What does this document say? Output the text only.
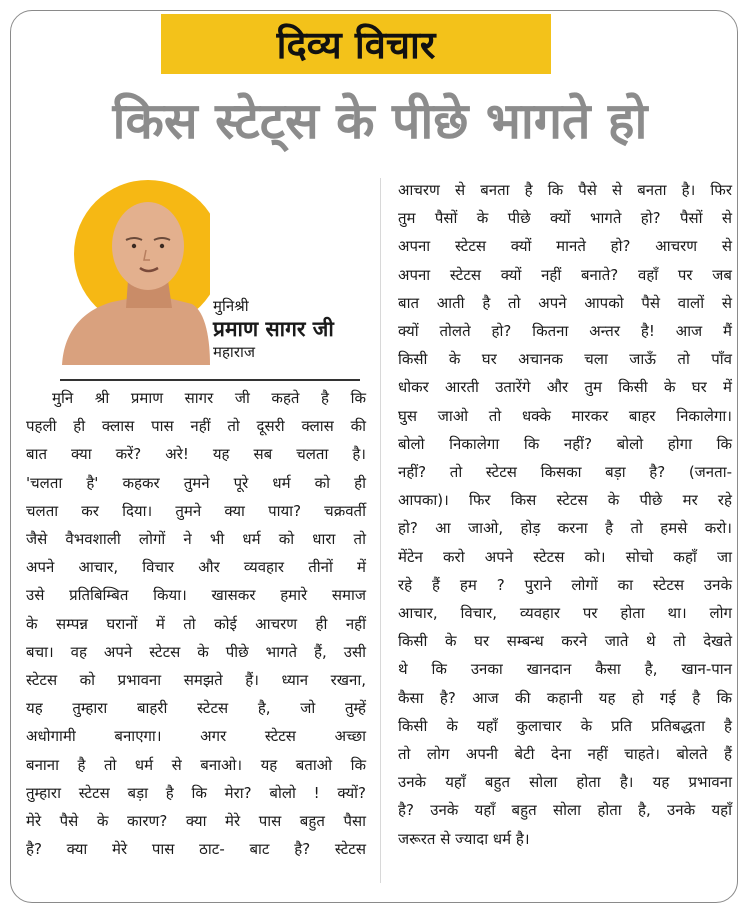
दिव्य विचार
किस स्टेट्स के पीछे भागते हो
मुनिश्री
प्रमाण सागर जी
महाराज
मुनि श्री प्रमाण सागर जी कहते है कि
पहली ही क्लास पास नहीं तो दूसरी क्लास की
बात क्या करें? अरे! यह सब चलता है।
'चलता है' कहकर तुमने पूरे धर्म को ही
चलता कर दिया। तुमने क्या पाया? चक्रवर्ती
जैसे वैभवशाली लोगों ने भी धर्म को धारा तो
अपने आचार, विचार और व्यवहार तीनों में
उसे प्रतिबिम्बित किया। खासकर हमारे समाज
के सम्पन्न घरानों में तो कोई आचरण ही नहीं
बचा। वह अपने स्टेटस के पीछे भागते हैं, उसी
स्टेटस को प्रभावना समझते हैं। ध्यान रखना,
यह तुम्हारा बाहरी स्टेटस है, जो तुम्हें
अधोगामी बनाएगा। अगर स्टेटस अच्छा
बनाना है तो धर्म से बनाओ। यह बताओ कि
तुम्हारा स्टेटस बड़ा है कि मेरा? बोलो ! क्यों?
मेरे पैसे के कारण? क्या मेरे पास बहुत पैसा
है? क्या मेरे पास ठाट- बाट है? स्टेटस
आचरण से बनता है कि पैसे से बनता है। फिर
तुम पैसों के पीछे क्यों भागते हो? पैसों से
अपना स्टेटस क्यों मानते हो? आचरण से
अपना स्टेटस क्यों नहीं बनाते? वहाँ पर जब
बात आती है तो अपने आपको पैसे वालों से
क्यों तोलते हो? कितना अन्तर है! आज मैं
किसी के घर अचानक चला जाऊँ तो पाँव
धोकर आरती उतारेंगे और तुम किसी के घर में
घुस जाओ तो धक्के मारकर बाहर निकालेगा।
बोलो निकालेगा कि नहीं? बोलो होगा कि
नहीं? तो स्टेटस किसका बड़ा है? (जनता-
आपका)। फिर किस स्टेटस के पीछे मर रहे
हो? आ जाओ, होड़ करना है तो हमसे करो।
मेंटेन करो अपने स्टेटस को। सोचो कहाँ जा
रहे हैं हम ? पुराने लोगों का स्टेटस उनके
आचार, विचार, व्यवहार पर होता था। लोग
किसी के घर सम्बन्ध करने जाते थे तो देखते
थे कि उनका खानदान कैसा है, खान-पान
कैसा है? आज की कहानी यह हो गई है कि
किसी के यहाँ कुलाचार के प्रति प्रतिबद्धता है
तो लोग अपनी बेटी देना नहीं चाहते। बोलते हैं
उनके यहाँ बहुत सोला होता है। यह प्रभावना
है? उनके यहाँ बहुत सोला होता है, उनके यहाँ
जरूरत से ज्यादा धर्म है।
